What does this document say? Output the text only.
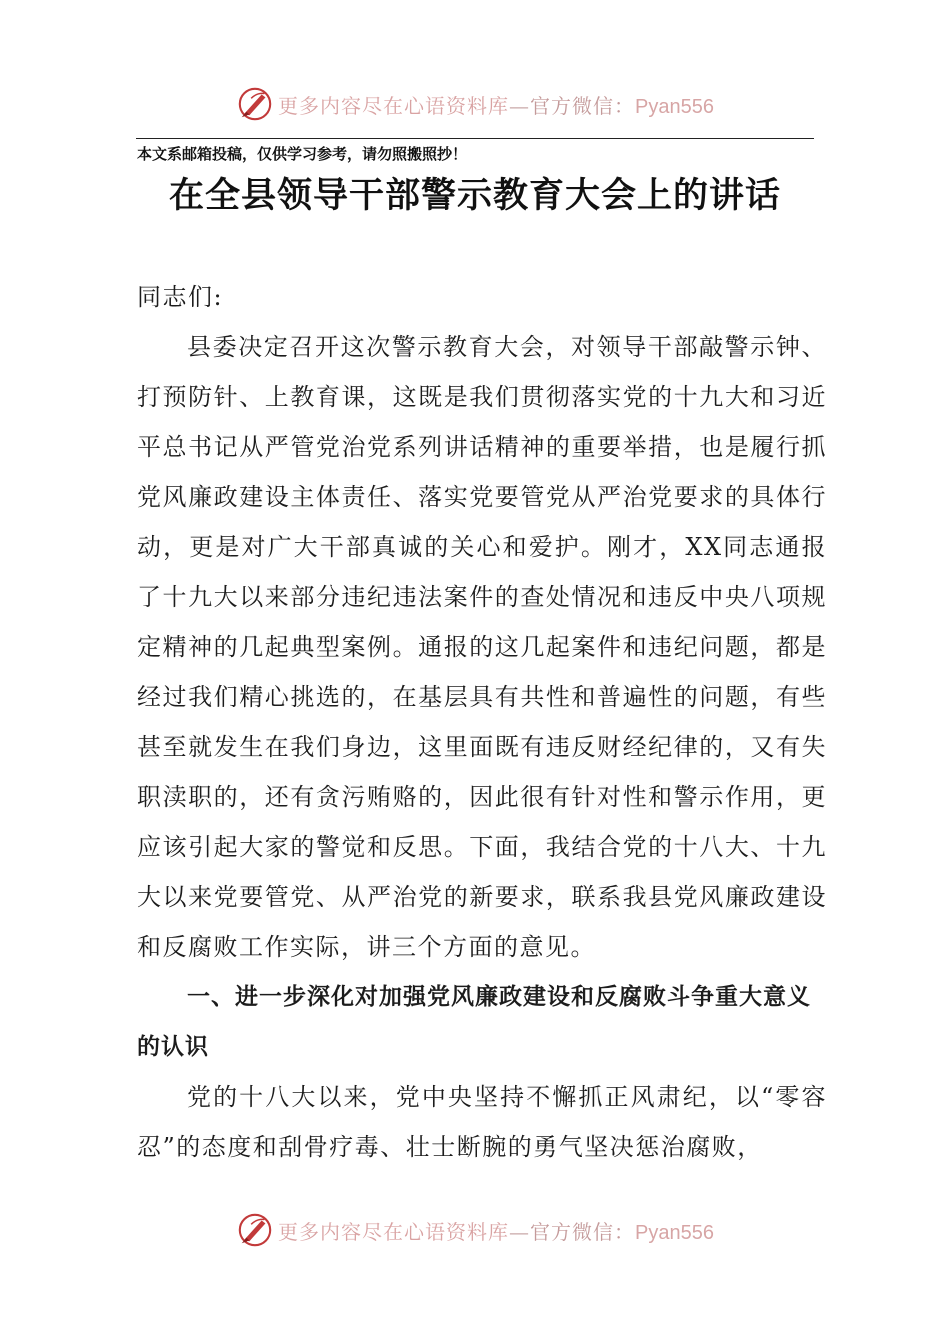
更多内容尽在心语资料库—官方微信：Pyan556
本文系邮箱投稿，仅供学习参考，请勿照搬照抄！
在全县领导干部警示教育大会上的讲话

同志们:

县委决定召开这次警示教育大会，对领导干部敲警示钟、打预防针、上教育课，这既是我们贯彻落实党的十九大和习近平总书记从严管党治党系列讲话精神的重要举措，也是履行抓党风廉政建设主体责任、落实党要管党从严治党要求的具体行动，更是对广大干部真诚的关心和爱护。刚才，XX同志通报了十九大以来部分违纪违法案件的查处情况和违反中央八项规定精神的几起典型案例。通报的这几起案件和违纪问题，都是经过我们精心挑选的，在基层具有共性和普遍性的问题，有些甚至就发生在我们身边，这里面既有违反财经纪律的，又有失职渎职的，还有贪污贿赂的，因此很有针对性和警示作用，更应该引起大家的警觉和反思。下面，我结合党的十八大、十九大以来党要管党、从严治党的新要求，联系我县党风廉政建设和反腐败工作实际，讲三个方面的意见。

一、进一步深化对加强党风廉政建设和反腐败斗争重大意义的认识

党的十八大以来，党中央坚持不懈抓正风肃纪，以“零容忍”的态度和刮骨疗毒、壮士断腕的勇气坚决惩治腐败，

更多内容尽在心语资料库—官方微信：Pyan556
